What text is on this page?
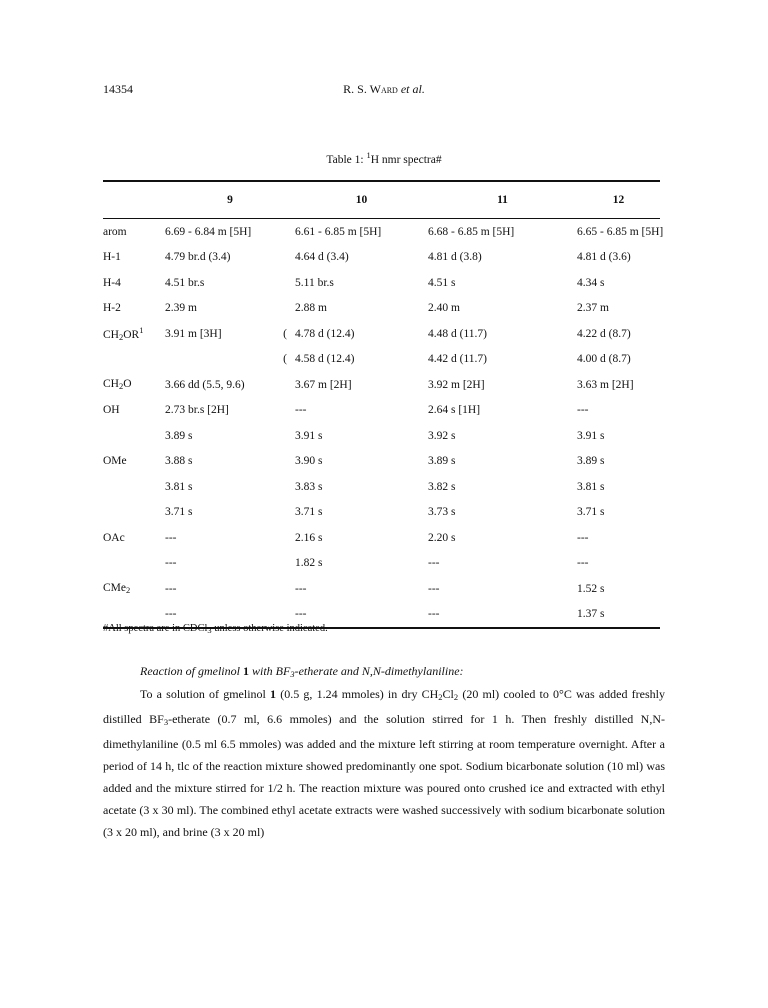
14354	R. S. Ward et al.
Table 1: $^1$H nmr spectra#
	9	10	11	12
arom	6.69 - 6.84 m [5H]		6.61 - 6.85 m [5H]	6.68 - 6.85 m [5H]	6.65 - 6.85 m [5H]
H-1	4.79 br.d (3.4)		4.64 d (3.4)	4.81 d (3.8)	4.81 d (3.6)
H-4	4.51 br.s		5.11 br.s	4.51 s	4.34 s
H-2	2.39 m		2.88 m	2.40 m	2.37 m
$CH_2OR^1$	3.91 m [3H]	(	4.78 d (12.4)	4.48 d (11.7)	4.22 d (8.7)
		(	4.58 d (12.4)	4.42 d (11.7)	4.00 d (8.7)
$CH_2O$	3.66 dd (5.5, 9.6)		3.67 m [2H]	3.92 m [2H]	3.63 m [2H]
OH	2.73 br.s [2H]		---	2.64 s [1H]	---
	3.89 s		3.91 s	3.92 s	3.91 s
OMe	3.88 s		3.90 s	3.89 s	3.89 s
	3.81 s		3.83 s	3.82 s	3.81 s
	3.71 s		3.71 s	3.73 s	3.71 s
OAc	---		2.16 s	2.20 s	---
	---		1.82 s	---	---
CMe$_2$	---		---	---	1.52 s
	---		---	---	1.37 s
#All spectra are in CDCl$_3$ unless otherwise indicated.
Reaction of gmelinol 1 with $BF_3$-etherate and N,N-dimethylaniline:

To a solution of gmelinol 1 (0.5 g, 1.24 mmoles) in dry $CH_2Cl_2$ (20 ml) cooled to 0°C was added freshly distilled $BF_3$-etherate (0.7 ml, 6.6 mmoles) and the solution stirred for 1 h. Then freshly distilled N,N-dimethylaniline (0.5 ml 6.5 mmoles) was added and the mixture left stirring at room temperature overnight. After a period of 14 h, tlc of the reaction mixture showed predominantly one spot. Sodium bicarbonate solution (10 ml) was added and the mixture stirred for 1/2 h. The reaction mixture was poured onto crushed ice and extracted with ethyl acetate (3 x 30 ml). The combined ethyl acetate extracts were washed successively with sodium bicarbonate solution (3 x 20 ml), and brine (3 x 20 ml)
